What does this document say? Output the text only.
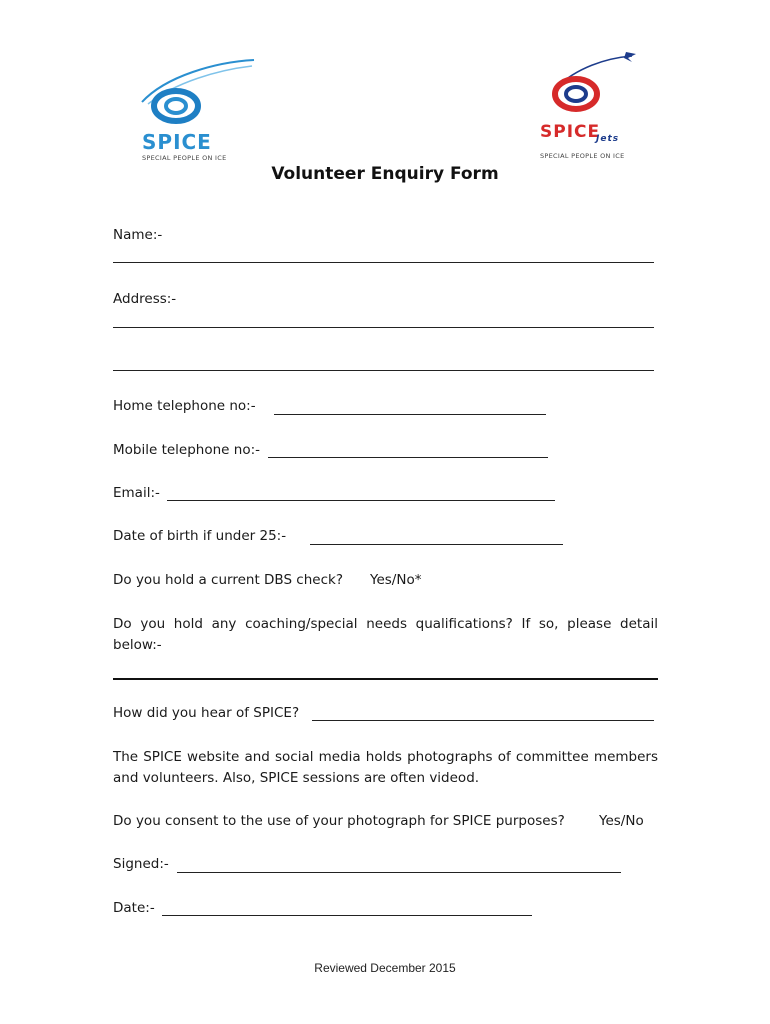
SPICE
SPECIAL PEOPLE ON ICE
SPICE
Jets
SPECIAL PEOPLE ON ICE
Volunteer Enquiry Form
Name:-
Address:-
Home telephone no:-
Mobile telephone no:-
Email:-
Date of birth if under 25:-
Do you hold a current DBS check? Yes/No*
Do you hold any coaching/special needs qualifications? If so, please detail below:-
How did you hear of SPICE?
The SPICE website and social media holds photographs of committee members and volunteers. Also, SPICE sessions are often videod.
Do you consent to the use of your photograph for SPICE purposes?	Yes/No
Signed:-
Date:-
Reviewed December 2015
